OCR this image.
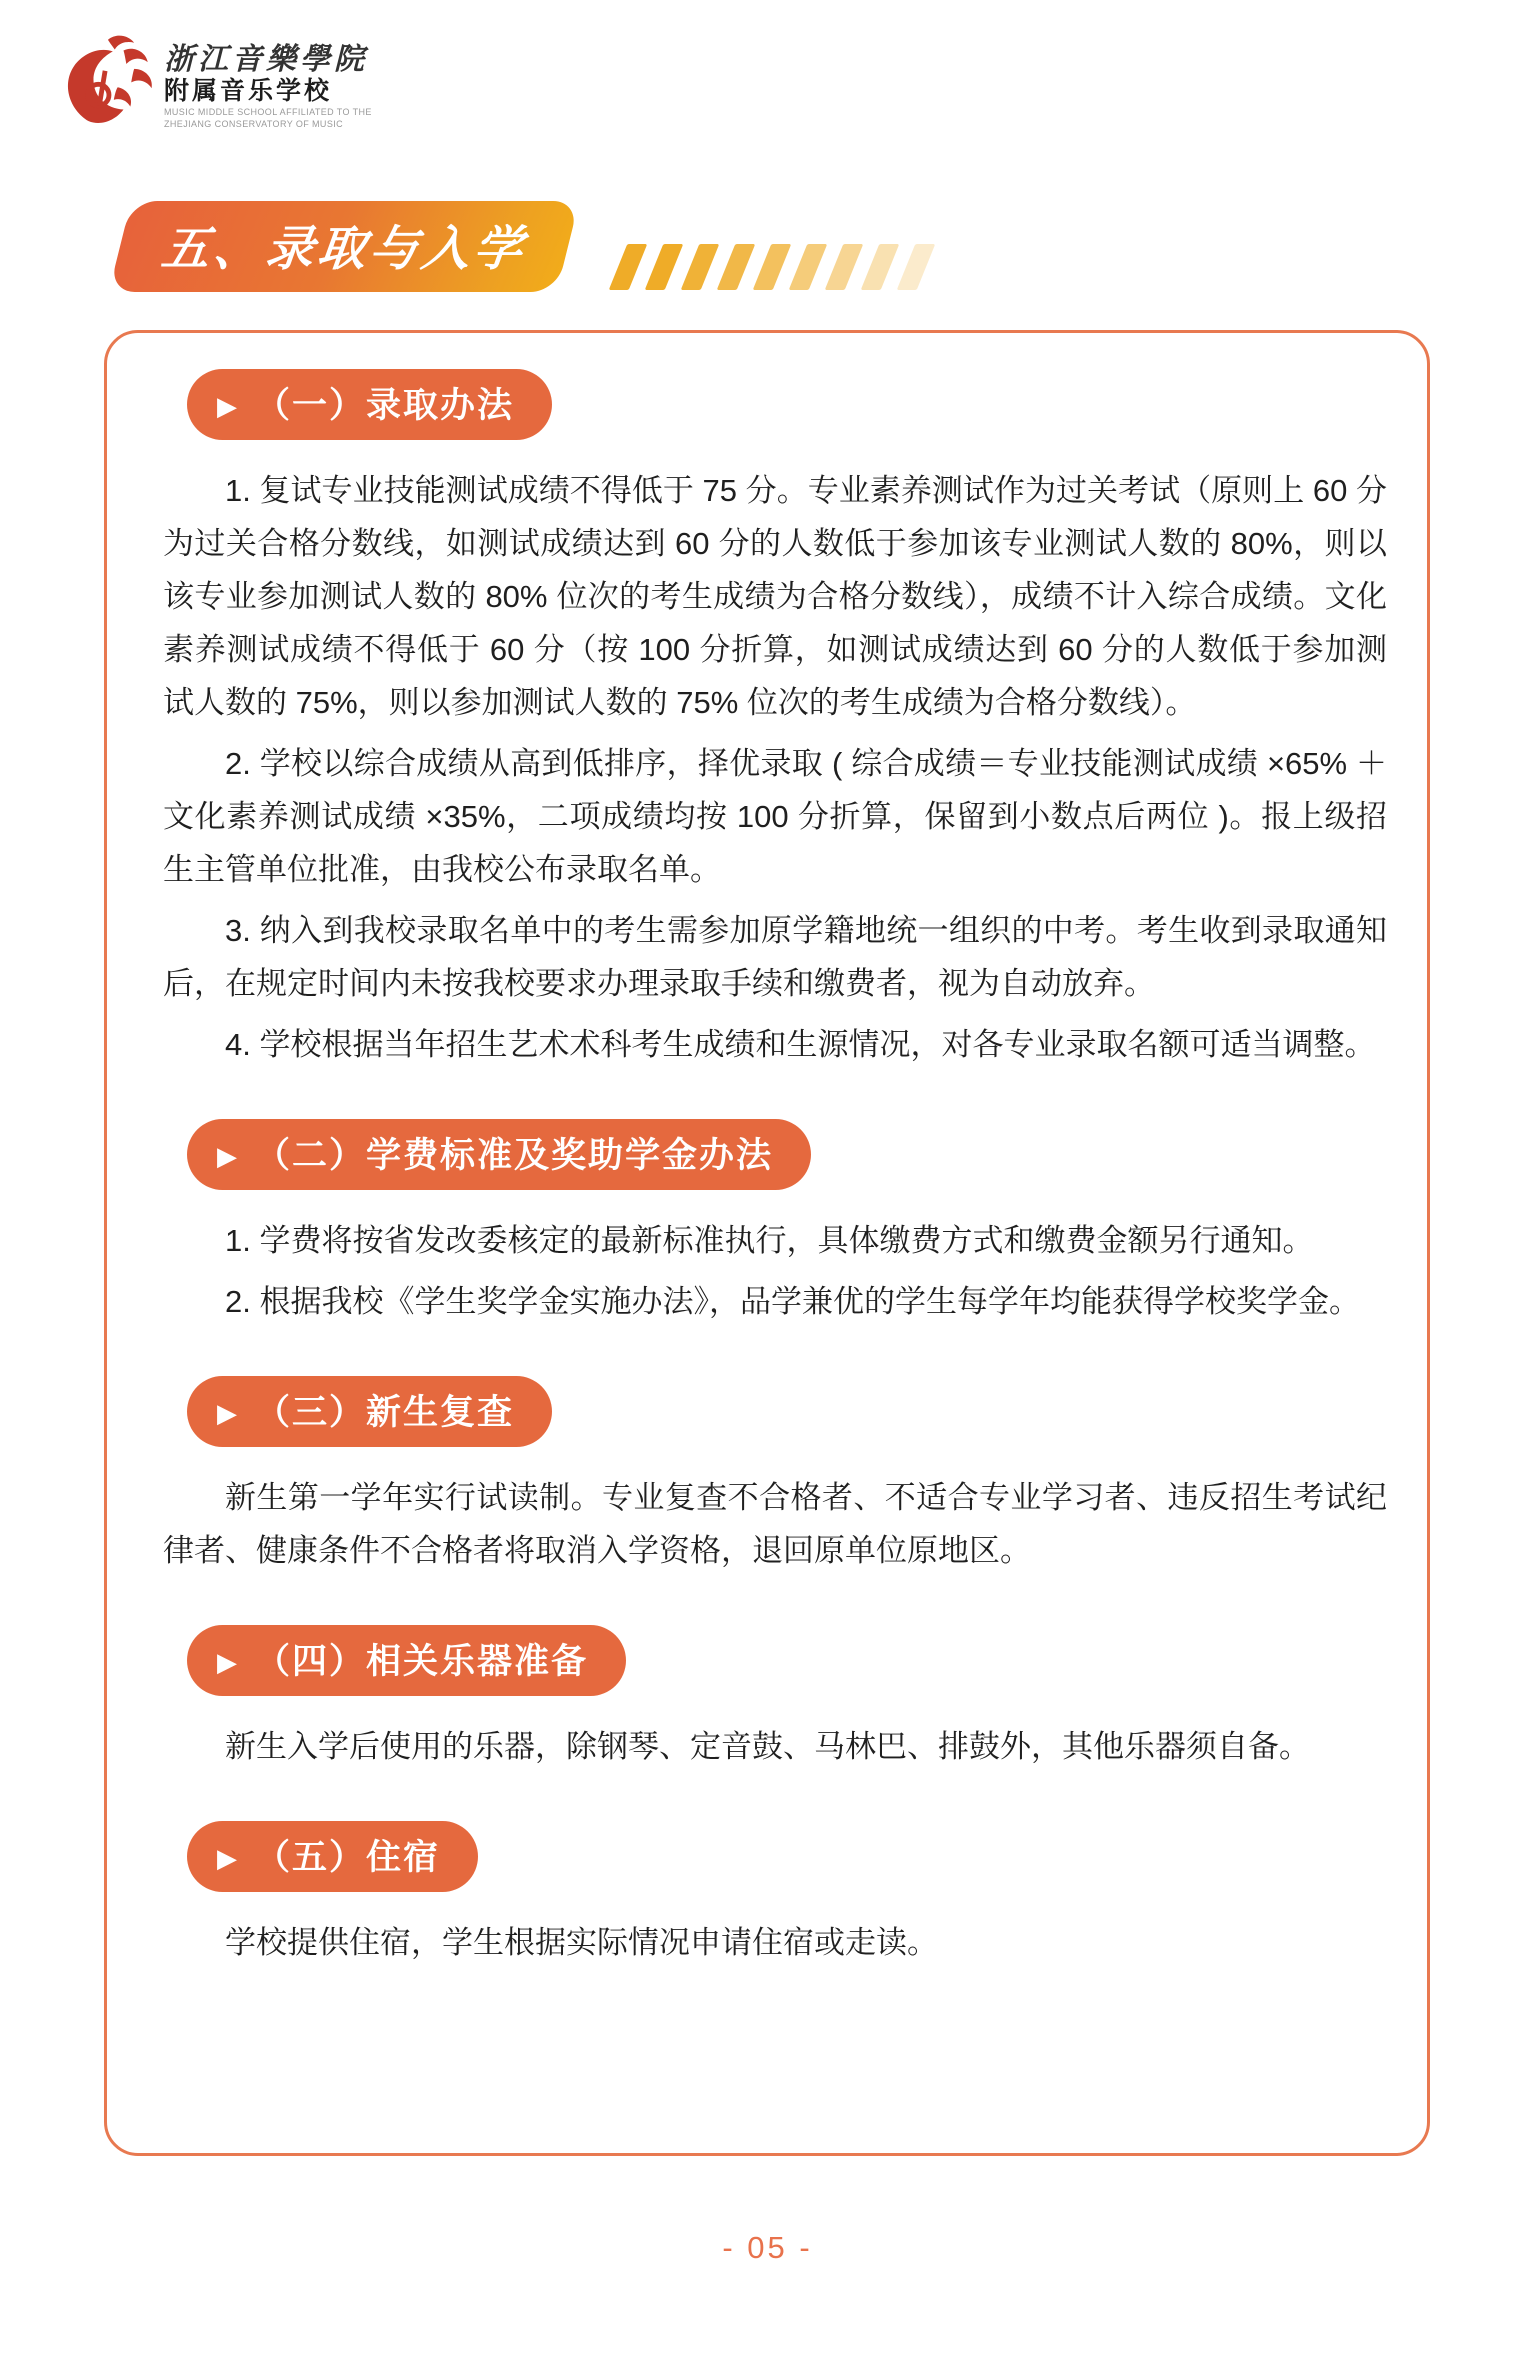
浙江音樂學院
附属音乐学校
MUSIC MIDDLE SCHOOL AFFILIATED TO THE
ZHEJIANG CONSERVATORY OF MUSIC
五、录取与入学
▶ （一）录取办法

1. 复试专业技能测试成绩不得低于 75 分。专业素养测试作为过关考试（原则上 60 分为过关合格分数线，如测试成绩达到 60 分的人数低于参加该专业测试人数的 80%，则以该专业参加测试人数的 80% 位次的考生成绩为合格分数线），成绩不计入综合成绩。文化素养测试成绩不得低于 60 分（按 100 分折算，如测试成绩达到 60 分的人数低于参加测试人数的 75%，则以参加测试人数的 75% 位次的考生成绩为合格分数线）。

2. 学校以综合成绩从高到低排序，择优录取 ( 综合成绩＝专业技能测试成绩 ×65% ＋文化素养测试成绩 ×35%，二项成绩均按 100 分折算，保留到小数点后两位 )。报上级招生主管单位批准，由我校公布录取名单。

3. 纳入到我校录取名单中的考生需参加原学籍地统一组织的中考。考生收到录取通知后，在规定时间内未按我校要求办理录取手续和缴费者，视为自动放弃。

4. 学校根据当年招生艺术术科考生成绩和生源情况，对各专业录取名额可适当调整。

▶ （二）学费标准及奖助学金办法

1. 学费将按省发改委核定的最新标准执行，具体缴费方式和缴费金额另行通知。

2. 根据我校《学生奖学金实施办法》，品学兼优的学生每学年均能获得学校奖学金。

▶ （三）新生复查

新生第一学年实行试读制。专业复查不合格者、不适合专业学习者、违反招生考试纪律者、健康条件不合格者将取消入学资格，退回原单位原地区。

▶ （四）相关乐器准备

新生入学后使用的乐器，除钢琴、定音鼓、马林巴、排鼓外，其他乐器须自备。

▶ （五）住宿

学校提供住宿，学生根据实际情况申请住宿或走读。

- 05 -
